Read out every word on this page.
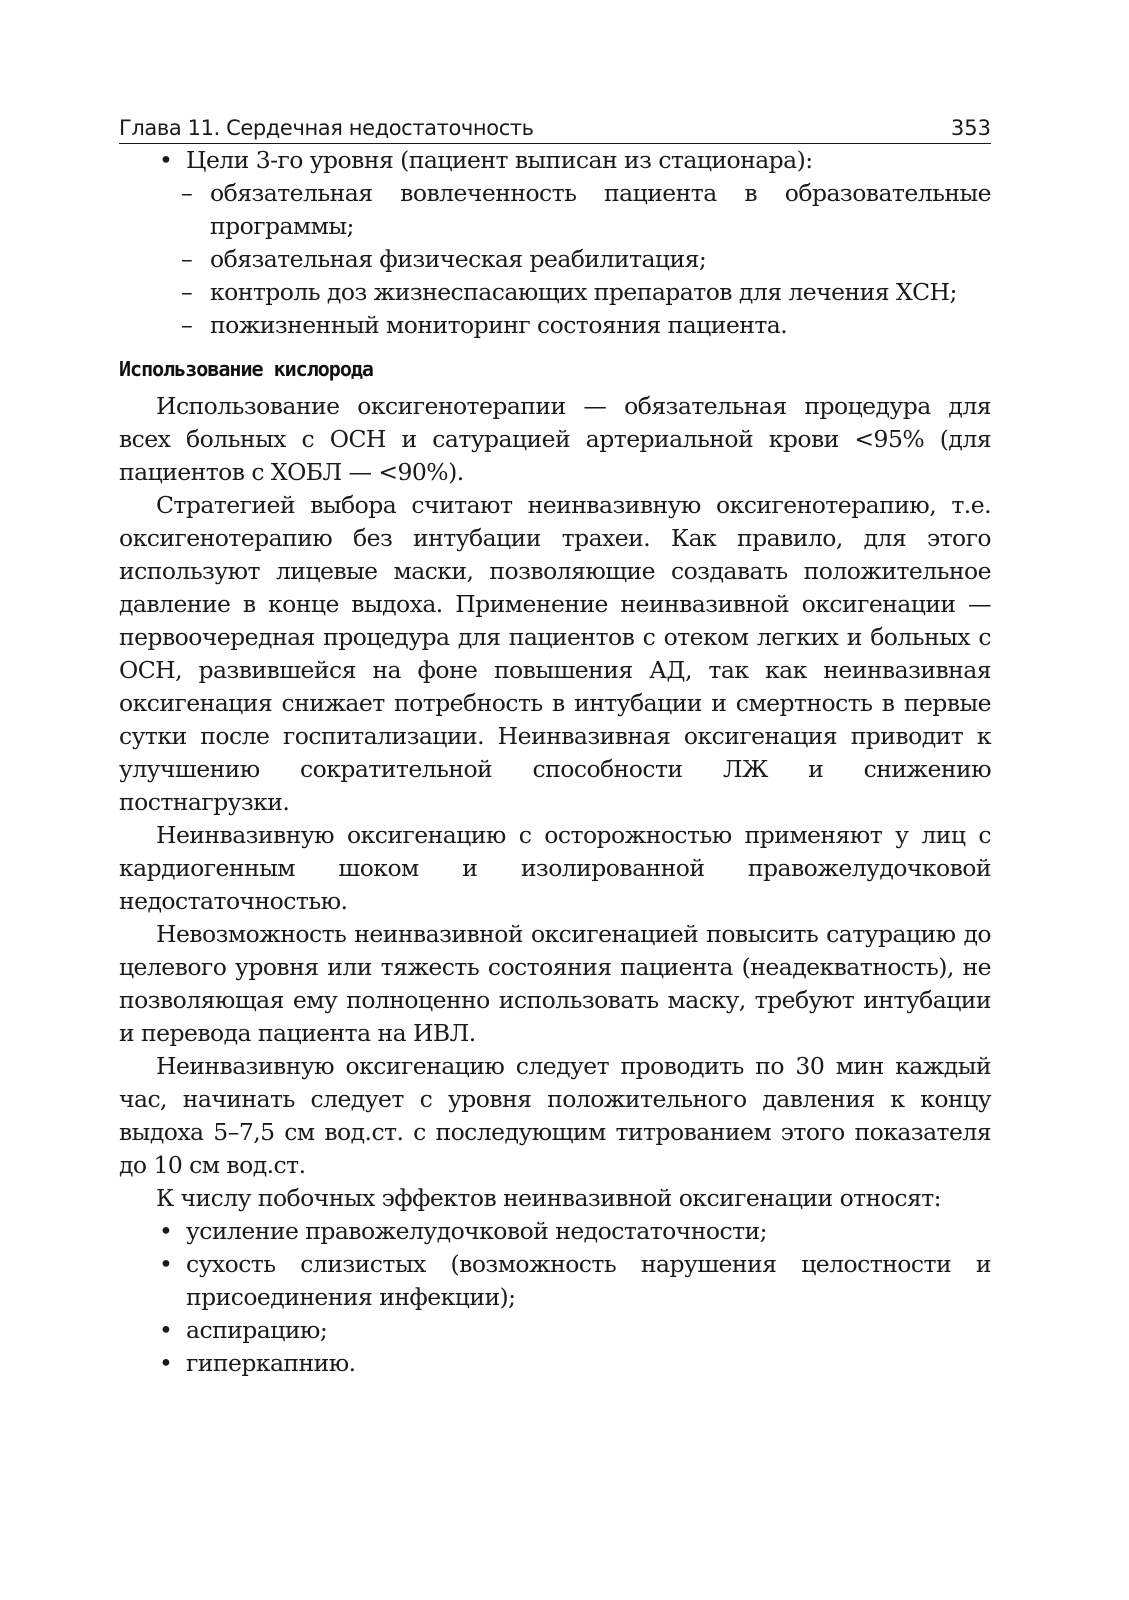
Глава 11. Сердечная недостаточность	353
• Цели 3-го уровня (пациент выписан из стационара):
– обязательная вовлеченность пациента в образовательные программы;
– обязательная физическая реабилитация;
– контроль доз жизнеспасающих препаратов для лечения ХСН;
– пожизненный мониторинг состояния пациента.
Использование кислорода

Использование оксигенотерапии — обязательная процедура для всех больных с ОСН и сатурацией артериальной крови <95% (для пациентов с ХОБЛ — <90%).

Стратегией выбора считают неинвазивную оксигенотерапию, т.е. оксигенотерапию без интубации трахеи. Как правило, для этого используют лицевые маски, позволяющие создавать положительное давление в конце выдоха. Применение неинвазивной оксигенации — первоочередная процедура для пациентов с отеком легких и больных с ОСН, развившейся на фоне повышения АД, так как неинвазивная оксигенация снижает потребность в интубации и смертность в первые сутки после госпитализации. Неинвазивная оксигенация приводит к улучшению сократительной способности ЛЖ и снижению постнагрузки.

Неинвазивную оксигенацию с осторожностью применяют у лиц с кардиогенным шоком и изолированной правожелудочковой недостаточностью.

Невозможность неинвазивной оксигенацией повысить сатурацию до целевого уровня или тяжесть состояния пациента (неадекватность), не позволяющая ему полноценно использовать маску, требуют интубации и перевода пациента на ИВЛ.

Неинвазивную оксигенацию следует проводить по 30 мин каждый час, начинать следует с уровня положительного давления к концу выдоха 5–7,5 см вод.ст. с последующим титрованием этого показателя до 10 см вод.ст.

К числу побочных эффектов неинвазивной оксигенации относят:

• усиление правожелудочковой недостаточности;
• сухость слизистых (возможность нарушения целостности и присоединения инфекции);
• аспирацию;
• гиперкапнию.
